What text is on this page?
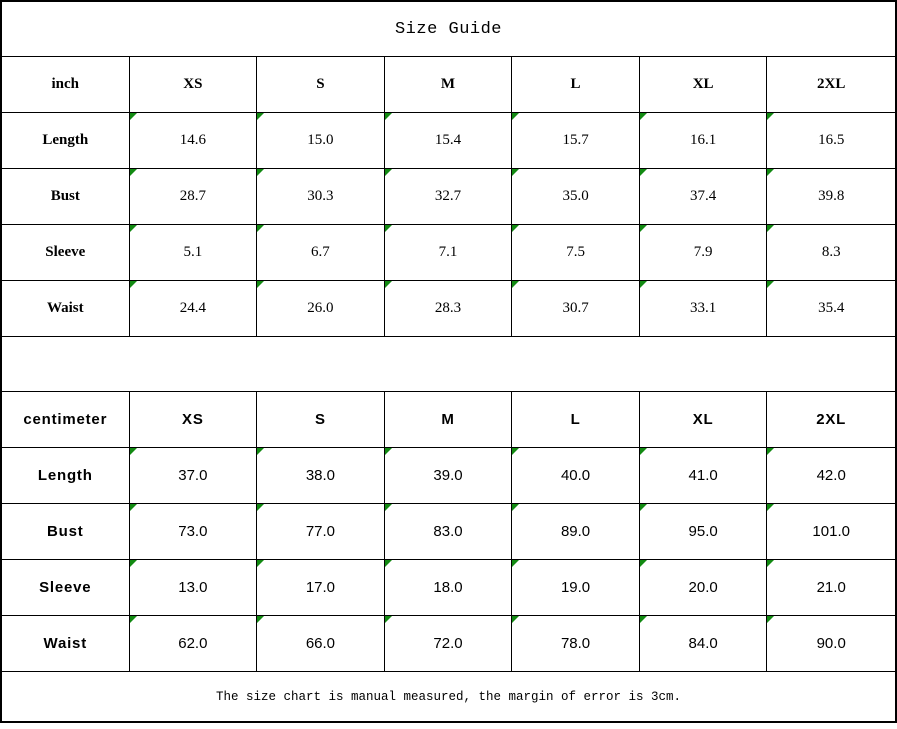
Size Guide
inch	XS	S	M	L	XL	2XL
Length	14.6	15.0	15.4	15.7	16.1	16.5
Bust	28.7	30.3	32.7	35.0	37.4	39.8
Sleeve	5.1	6.7	7.1	7.5	7.9	8.3
Waist	24.4	26.0	28.3	30.7	33.1	35.4
centimeter	XS	S	M	L	XL	2XL
Length	37.0	38.0	39.0	40.0	41.0	42.0
Bust	73.0	77.0	83.0	89.0	95.0	101.0
Sleeve	13.0	17.0	18.0	19.0	20.0	21.0
Waist	62.0	66.0	72.0	78.0	84.0	90.0
The size chart is manual measured, the margin of error is 3cm.
